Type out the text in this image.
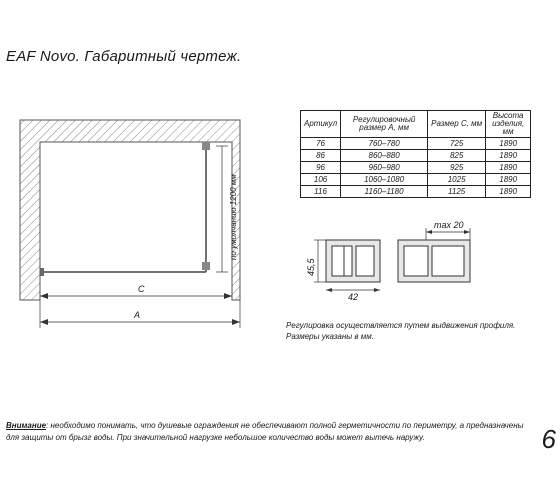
EAF Novo. Габаритный чертеж.
по умолчанию 1200 мм
C
A
45,5
42
max 20
Артикул	Регулировочный размер А, мм	Размер С, мм	Высота изделия, мм
76	760–780	725	1890
86	860–880	825	1890
96	960–980	925	1890
106	1060–1080	1025	1890
116	1160–1180	1125	1890
Регулировка осуществляется путем выдвижения профиля.
Размеры указаны в мм.
Внимание: необходимо понимать, что душевые ограждения не обеспечивают полной герметичности по периметру, а предназначены для защиты от брызг воды. При значительной нагрузке небольшое количество воды может вытечь наружу.	6
